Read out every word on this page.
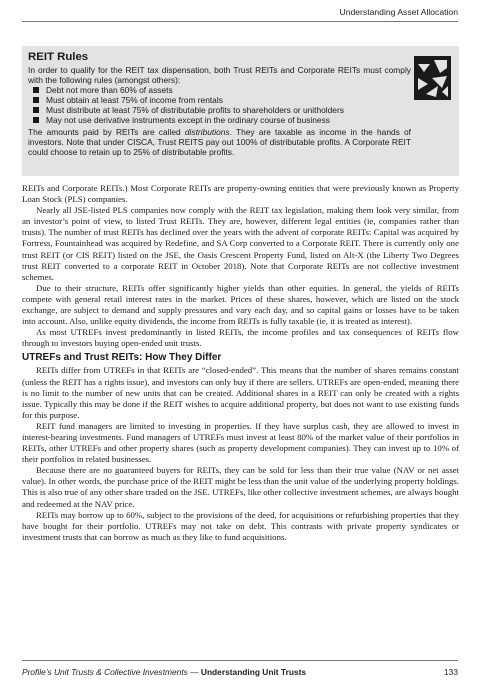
Understanding Asset Allocation
REIT Rules
In order to qualify for the REIT tax dispensation, both Trust REITs and Corporate REITs must comply with the following rules (amongst others):
Debt not more than 60% of assets
Must obtain at least 75% of income from rentals
Must distribute at least 75% of distributable profits to shareholders or unitholders
May not use derivative instruments except in the ordinary course of business
The amounts paid by REITs are called distributions. They are taxable as income in the hands of investors. Note that under CISCA, Trust REITS pay out 100% of distributable profits. A Corporate REIT could choose to retain up to 25% of distributable profits.

REITs and Corporate REITs.) Most Corporate REITs are property-owning entities that were previously known as Property Loan Stock (PLS) companies.

Nearly all JSE-listed PLS companies now comply with the REIT tax legislation, making them look very similar, from an investor’s point of view, to listed Trust REITs. They are, however, different legal entities (ie, companies rather than trusts). The number of trust REITs has declined over the years with the advent of corporate REITs: Capital was acquired by Fortress, Fountainhead was acquired by Redefine, and SA Corp converted to a Corporate REIT. There is currently only one trust REIT (or CIS REIT) listed on the JSE, the Oasis Crescent Property Fund, listed on Alt-X (the Liberty Two Degrees trust REIT converted to a corporate REIT in October 2018). Note that Corporate REITs are not collective investment schemes.

Due to their structure, REITs offer significantly higher yields than other equities. In general, the yields of REITs compete with general retail interest rates in the market. Prices of these shares, however, which are listed on the stock exchange, are subject to demand and supply pressures and vary each day, and so capital gains or losses have to be taken into account. Also, unlike equity dividends, the income from REITs is fully taxable (ie, it is treated as interest).

As most UTREFs invest predominantly in listed REITs, the income profiles and tax consequences of REITs flow through to investors buying open-ended unit trusts.

UTREFs and Trust REITs: How They Differ

REITs differ from UTREFs in that REITs are “closed-ended”. This means that the number of shares remains constant (unless the REIT has a rights issue), and investors can only buy if there are sellers. UTREFs are open-ended, meaning there is no limit to the number of new units that can be created. Additional shares in a REIT can only be created with a rights issue. Typically this may be done if the REIT wishes to acquire additional property, but does not want to use existing funds for this purpose.

REIT fund managers are limited to investing in properties. If they have surplus cash, they are allowed to invest in interest-bearing investments. Fund managers of UTREFs must invest at least 80% of the market value of their portfolios in REITs, other UTREFs and other property shares (such as property development companies). They can invest up to 10% of their portfolios in related businesses.

Because there are no guaranteed buyers for REITs, they can be sold for less than their true value (NAV or net asset value). In other words, the purchase price of the REIT might be less than the unit value of the underlying property holdings. This is also true of any other share traded on the JSE. UTREFs, like other collective investment schemes, are always bought and redeemed at the NAV price.

REITs may borrow up to 60%, subject to the provisions of the deed, for acquisitions or refurbishing properties that they have bought for their portfolio. UTREFs may not take on debt. This contrasts with private property syndicates or investment trusts that can borrow as much as they like to fund acquisitions.

Profile’s Unit Trusts & Collective Investments — Understanding Unit Trusts	133
